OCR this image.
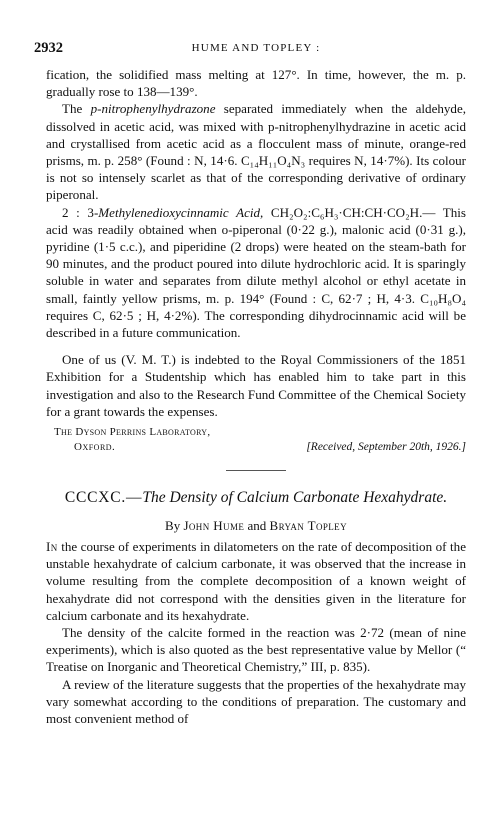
2932	HUME AND TOPLEY :

fication, the solidified mass melting at 127°. In time, however, the m. p. gradually rose to 138—139°.

The p-nitrophenylhydrazone separated immediately when the aldehyde, dissolved in acetic acid, was mixed with p-nitrophenylhydrazine in acetic acid and crystallised from acetic acid as a flocculent mass of minute, orange-red prisms, m. p. 258° (Found : N, 14·6. C₁₄H₁₁O₄N₃ requires N, 14·7%). Its colour is not so intensely scarlet as that of the corresponding derivative of ordinary piperonal.

2 : 3-Methylenedioxycinnamic Acid, CH₂O₂:C₆H₃·CH:CH·CO₂H.— This acid was readily obtained when o-piperonal (0·22 g.), malonic acid (0·31 g.), pyridine (1·5 c.c.), and piperidine (2 drops) were heated on the steam-bath for 90 minutes, and the product poured into dilute hydrochloric acid. It is sparingly soluble in water and separates from dilute methyl alcohol or ethyl acetate in small, faintly yellow prisms, m. p. 194° (Found : C, 62·7 ; H, 4·3. C₁₀H₈O₄ requires C, 62·5 ; H, 4·2%). The corresponding dihydrocinnamic acid will be described in a future communication.

One of us (V. M. T.) is indebted to the Royal Commissioners of the 1851 Exhibition for a Studentship which has enabled him to take part in this investigation and also to the Research Fund Committee of the Chemical Society for a grant towards the expenses.

The Dyson Perrins Laboratory,
Oxford.	[Received, September 20th, 1926.]
CCCXC.—The Density of Calcium Carbonate Hexahydrate.
By John Hume and Bryan Topley

In the course of experiments in dilatometers on the rate of decomposition of the unstable hexahydrate of calcium carbonate, it was observed that the increase in volume resulting from the complete decomposition of a known weight of hexahydrate did not correspond with the densities given in the literature for calcium carbonate and its hexahydrate.

The density of the calcite formed in the reaction was 2·72 (mean of nine experiments), which is also quoted as the best representative value by Mellor (“ Treatise on Inorganic and Theoretical Chemistry,” III, p. 835).

A review of the literature suggests that the properties of the hexahydrate may vary somewhat according to the conditions of preparation. The customary and most convenient method of
